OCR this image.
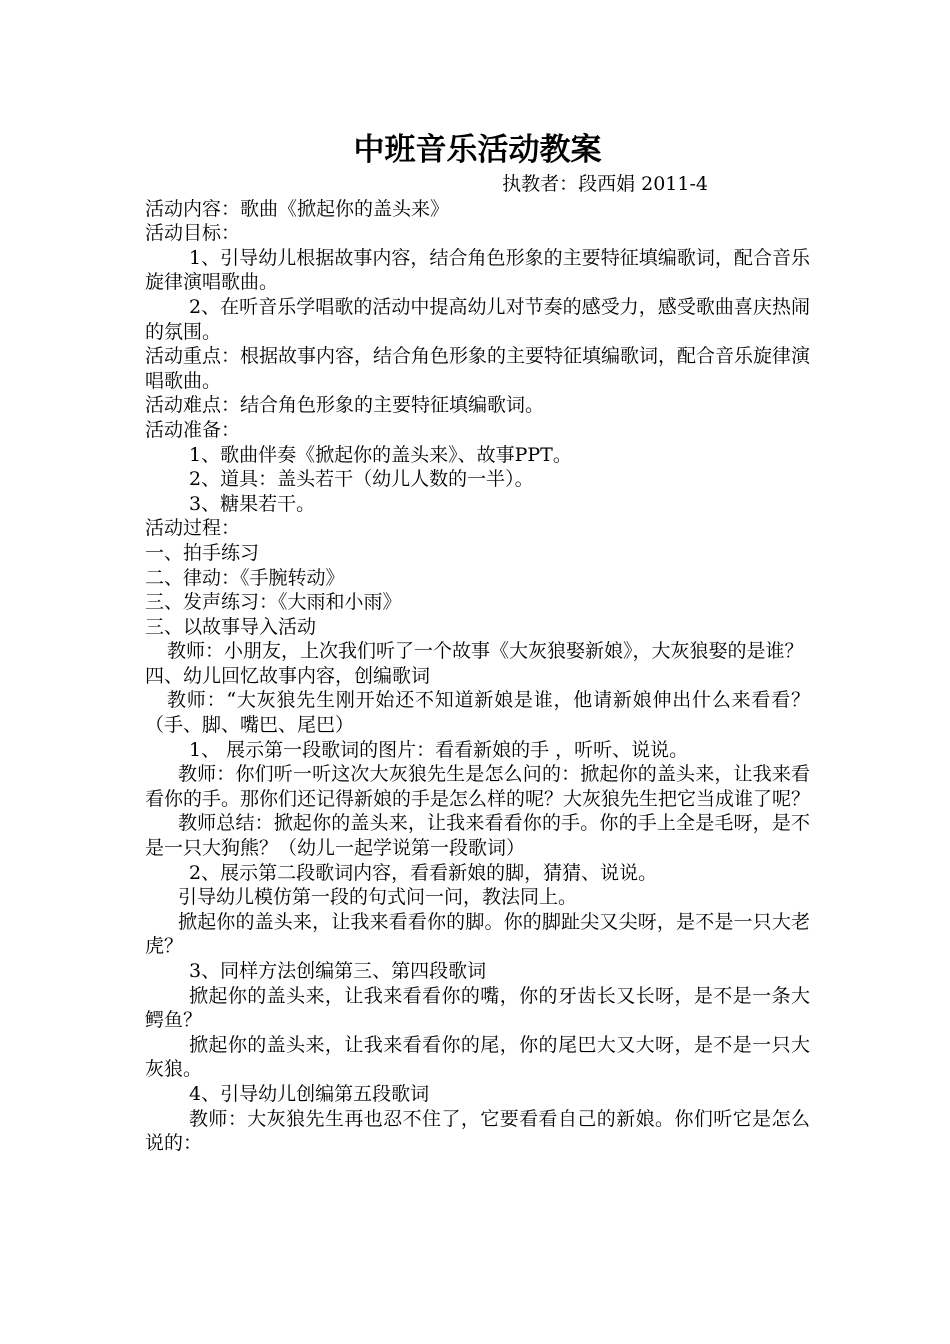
中班音乐活动教案

执教者：段西娟 2011-4

活动内容：歌曲《掀起你的盖头来》

活动目标：

1、引导幼儿根据故事内容，结合角色形象的主要特征填编歌词，配合音乐旋律演唱歌曲。

2、在听音乐学唱歌的活动中提高幼儿对节奏的感受力，感受歌曲喜庆热闹的氛围。

活动重点：根据故事内容，结合角色形象的主要特征填编歌词，配合音乐旋律演唱歌曲。

活动难点：结合角色形象的主要特征填编歌词。

活动准备：

1、歌曲伴奏《掀起你的盖头来》、故事PPT。

2、道具：盖头若干（幼儿人数的一半）。

3、糖果若干。

活动过程：

一、拍手练习

二、律动：《手腕转动》

三、发声练习：《大雨和小雨》

三、以故事导入活动

教师：小朋友，上次我们听了一个故事《大灰狼娶新娘》，大灰狼娶的是谁？

四、幼儿回忆故事内容，创编歌词

教师：“大灰狼先生刚开始还不知道新娘是谁，他请新娘伸出什么来看看？（手、脚、嘴巴、尾巴）

1、 展示第一段歌词的图片：看看新娘的手 ，听听、说说。

教师：你们听一听这次大灰狼先生是怎么问的：掀起你的盖头来，让我来看看你的手。那你们还记得新娘的手是怎么样的呢？大灰狼先生把它当成谁了呢？

教师总结：掀起你的盖头来，让我来看看你的手。你的手上全是毛呀，是不是一只大狗熊？（幼儿一起学说第一段歌词）

2、展示第二段歌词内容，看看新娘的脚，猜猜、说说。

引导幼儿模仿第一段的句式问一问，教法同上。

掀起你的盖头来，让我来看看你的脚。你的脚趾尖又尖呀，是不是一只大老虎？

3、同样方法创编第三、第四段歌词

掀起你的盖头来，让我来看看你的嘴，你的牙齿长又长呀，是不是一条大鳄鱼？

掀起你的盖头来，让我来看看你的尾，你的尾巴大又大呀，是不是一只大灰狼。

4、引导幼儿创编第五段歌词

教师：大灰狼先生再也忍不住了，它要看看自己的新娘。你们听它是怎么说的：
